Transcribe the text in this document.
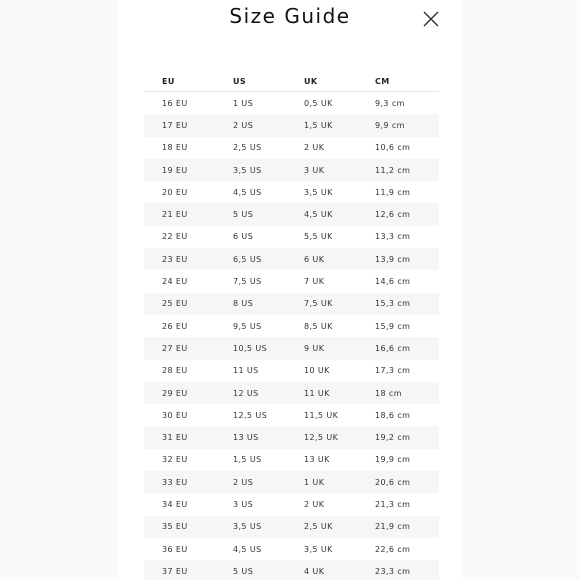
Size Guide
EU	US	UK	CM
16 EU	1 US	0,5 UK	9,3 cm
17 EU	2 US	1,5 UK	9,9 cm
18 EU	2,5 US	2 UK	10,6 cm
19 EU	3,5 US	3 UK	11,2 cm
20 EU	4,5 US	3,5 UK	11,9 cm
21 EU	5 US	4,5 UK	12,6 cm
22 EU	6 US	5,5 UK	13,3 cm
23 EU	6,5 US	6 UK	13,9 cm
24 EU	7,5 US	7 UK	14,6 cm
25 EU	8 US	7,5 UK	15,3 cm
26 EU	9,5 US	8,5 UK	15,9 cm
27 EU	10,5 US	9 UK	16,6 cm
28 EU	11 US	10 UK	17,3 cm
29 EU	12 US	11 UK	18 cm
30 EU	12,5 US	11,5 UK	18,6 cm
31 EU	13 US	12,5 UK	19,2 cm
32 EU	1,5 US	13 UK	19,9 cm
33 EU	2 US	1 UK	20,6 cm
34 EU	3 US	2 UK	21,3 cm
35 EU	3,5 US	2,5 UK	21,9 cm
36 EU	4,5 US	3,5 UK	22,6 cm
37 EU	5 US	4 UK	23,3 cm
